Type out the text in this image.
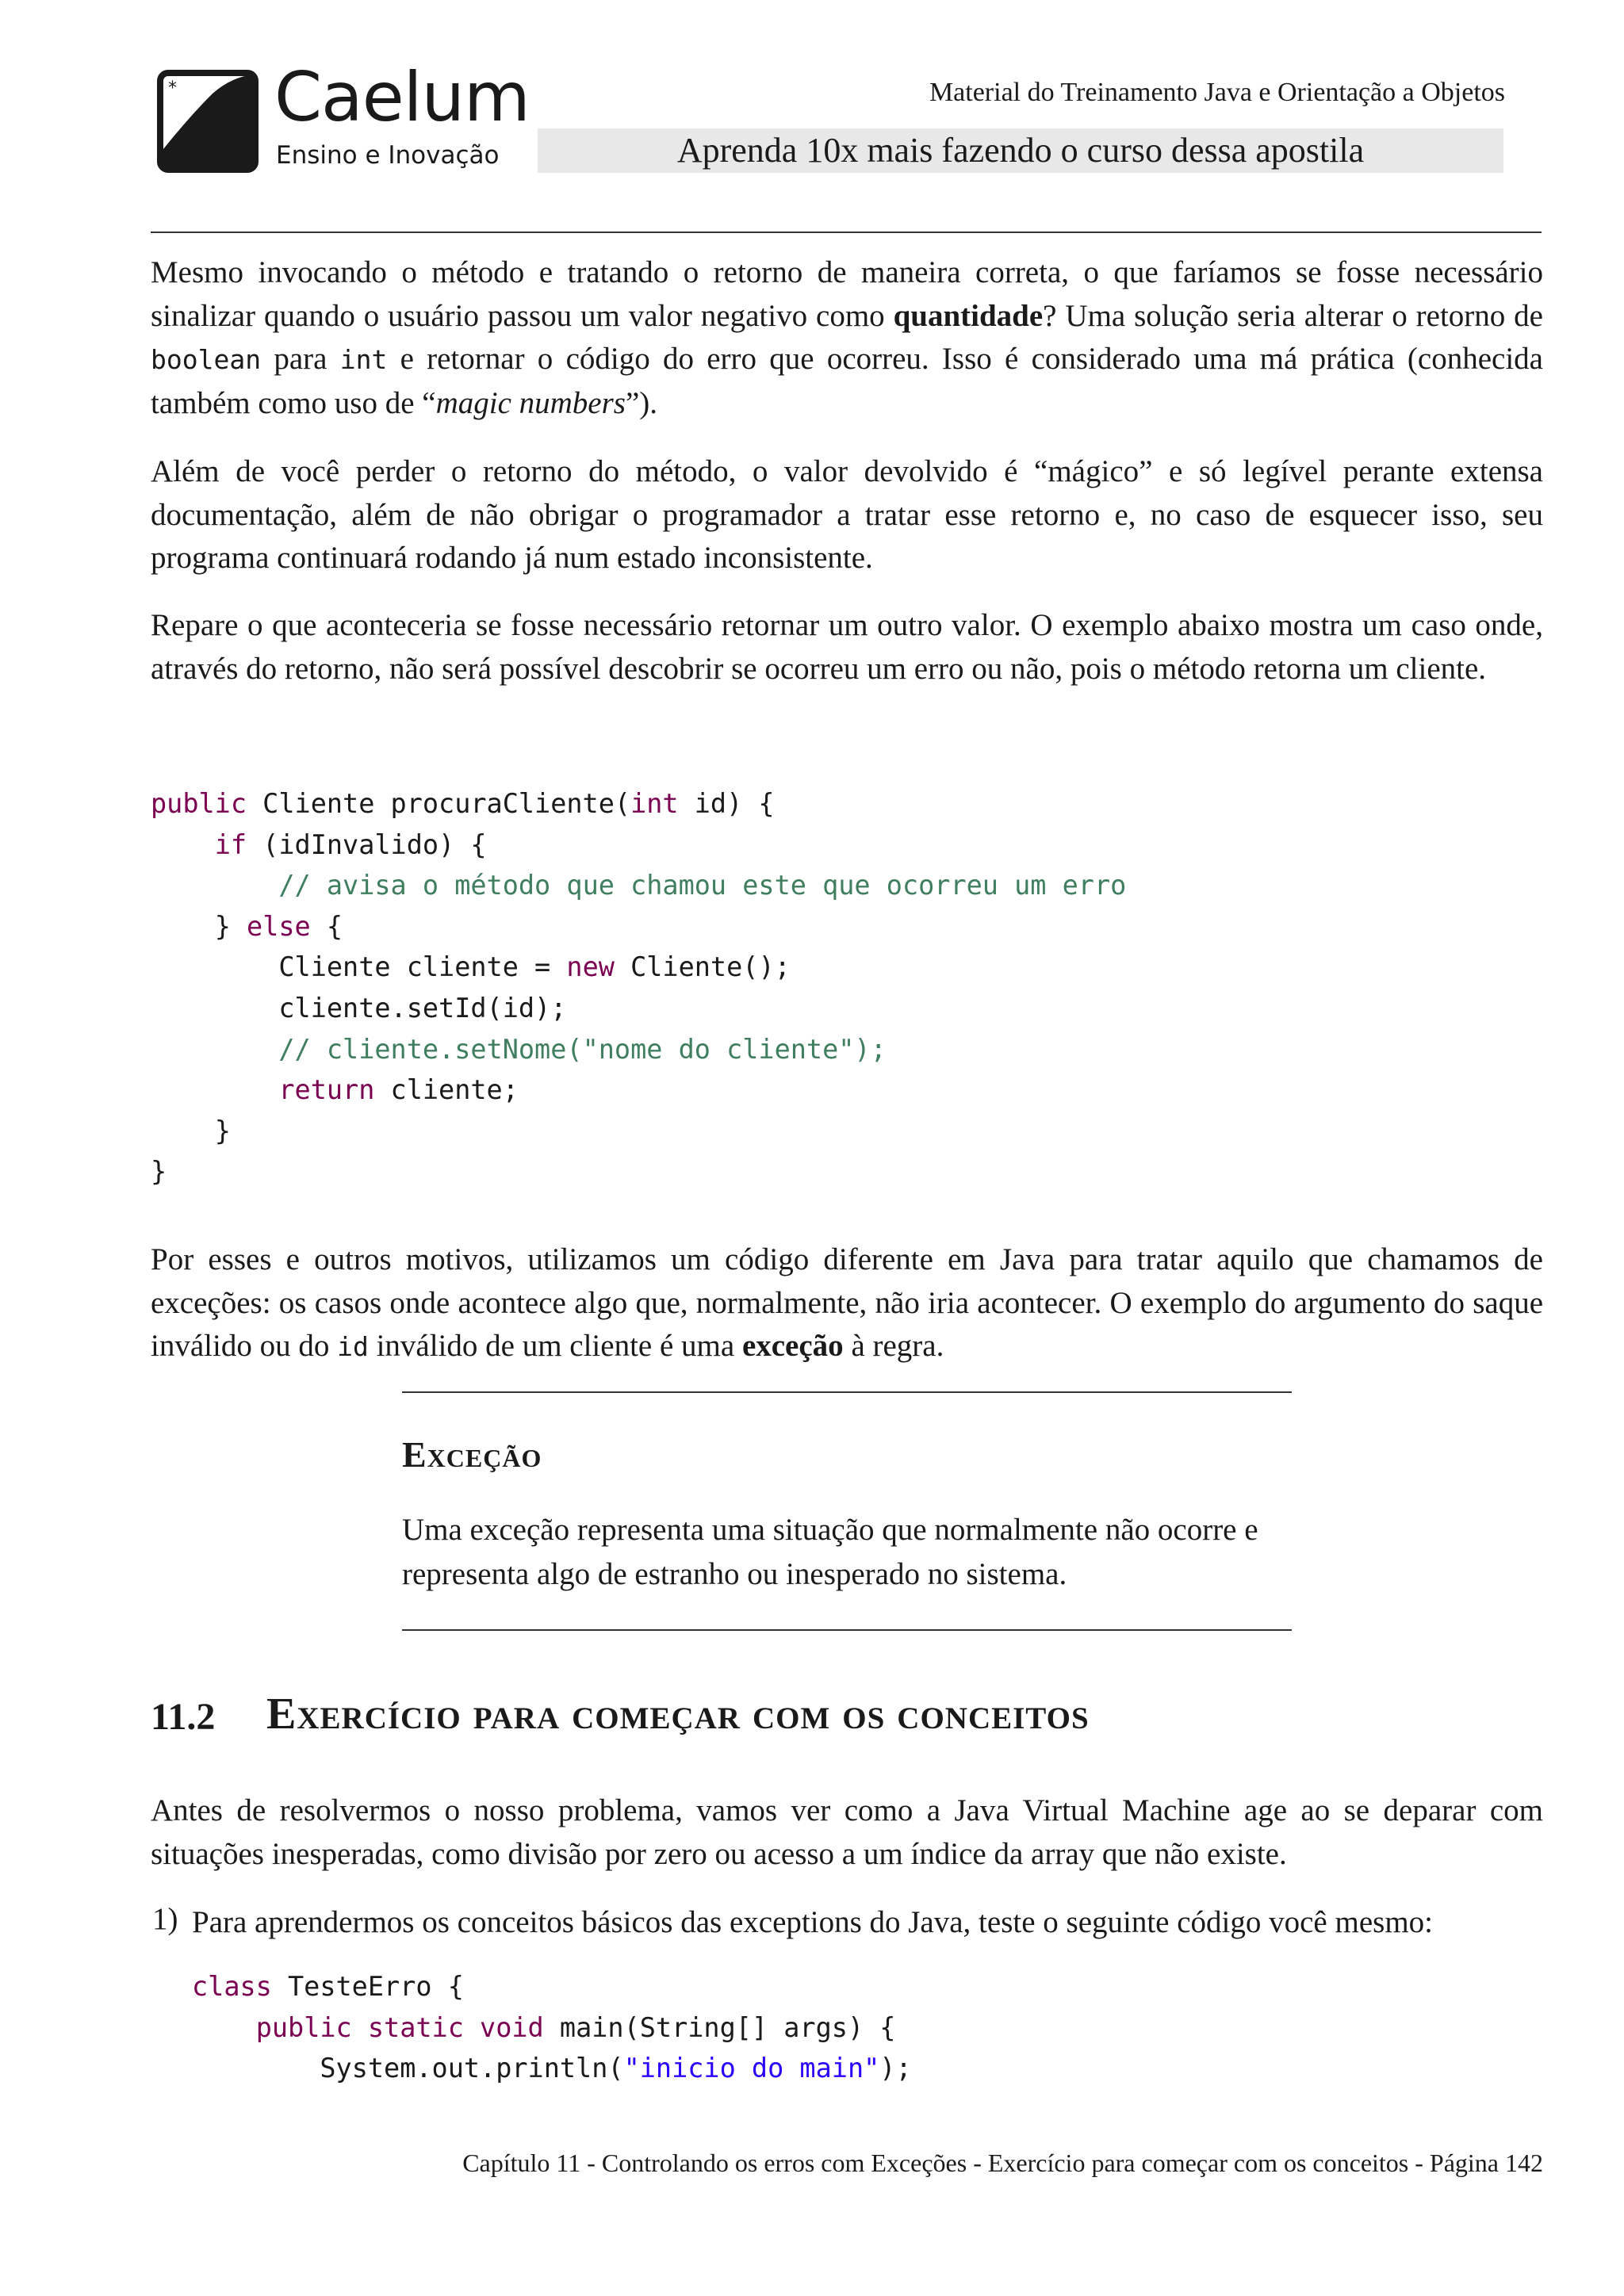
* Caelum
Ensino e Inovação
Material do Treinamento Java e Orientação a Objetos
Aprenda 10x mais fazendo o curso dessa apostila

Mesmo invocando o método e tratando o retorno de maneira correta, o que faríamos se fosse necessário sinalizar quando o usuário passou um valor negativo como quantidade? Uma solução seria alterar o retorno de boolean para int e retornar o código do erro que ocorreu. Isso é considerado uma má prática (conhecida também como uso de “magic numbers”).

Além de você perder o retorno do método, o valor devolvido é “mágico” e só legível perante extensa documentação, além de não obrigar o programador a tratar esse retorno e, no caso de esquecer isso, seu programa continuará rodando já num estado inconsistente.

Repare o que aconteceria se fosse necessário retornar um outro valor. O exemplo abaixo mostra um caso onde, através do retorno, não será possível descobrir se ocorreu um erro ou não, pois o método retorna um cliente.

public Cliente procuraCliente(int id) {
if (idInvalido) {
// avisa o método que chamou este que ocorreu um erro
} else {
Cliente cliente = new Cliente();
cliente.setId(id);
// cliente.setNome("nome do cliente");
return cliente;
}
}

Por esses e outros motivos, utilizamos um código diferente em Java para tratar aquilo que chamamos de exceções: os casos onde acontece algo que, normalmente, não iria acontecer. O exemplo do argumento do saque inválido ou do id inválido de um cliente é uma exceção à regra.

Exceção

Uma exceção representa uma situação que normalmente não ocorre e representa algo de estranho ou inesperado no sistema.

11.2 Exercício para começar com os conceitos

Antes de resolvermos o nosso problema, vamos ver como a Java Virtual Machine age ao se deparar com situações inesperadas, como divisão por zero ou acesso a um índice da array que não existe.

1) Para aprendermos os conceitos básicos das exceptions do Java, teste o seguinte código você mesmo:

class TesteErro {
public static void main(String[] args) {
System.out.println("inicio do main");
Capítulo 11 - Controlando os erros com Exceções - Exercício para começar com os conceitos - Página 142
